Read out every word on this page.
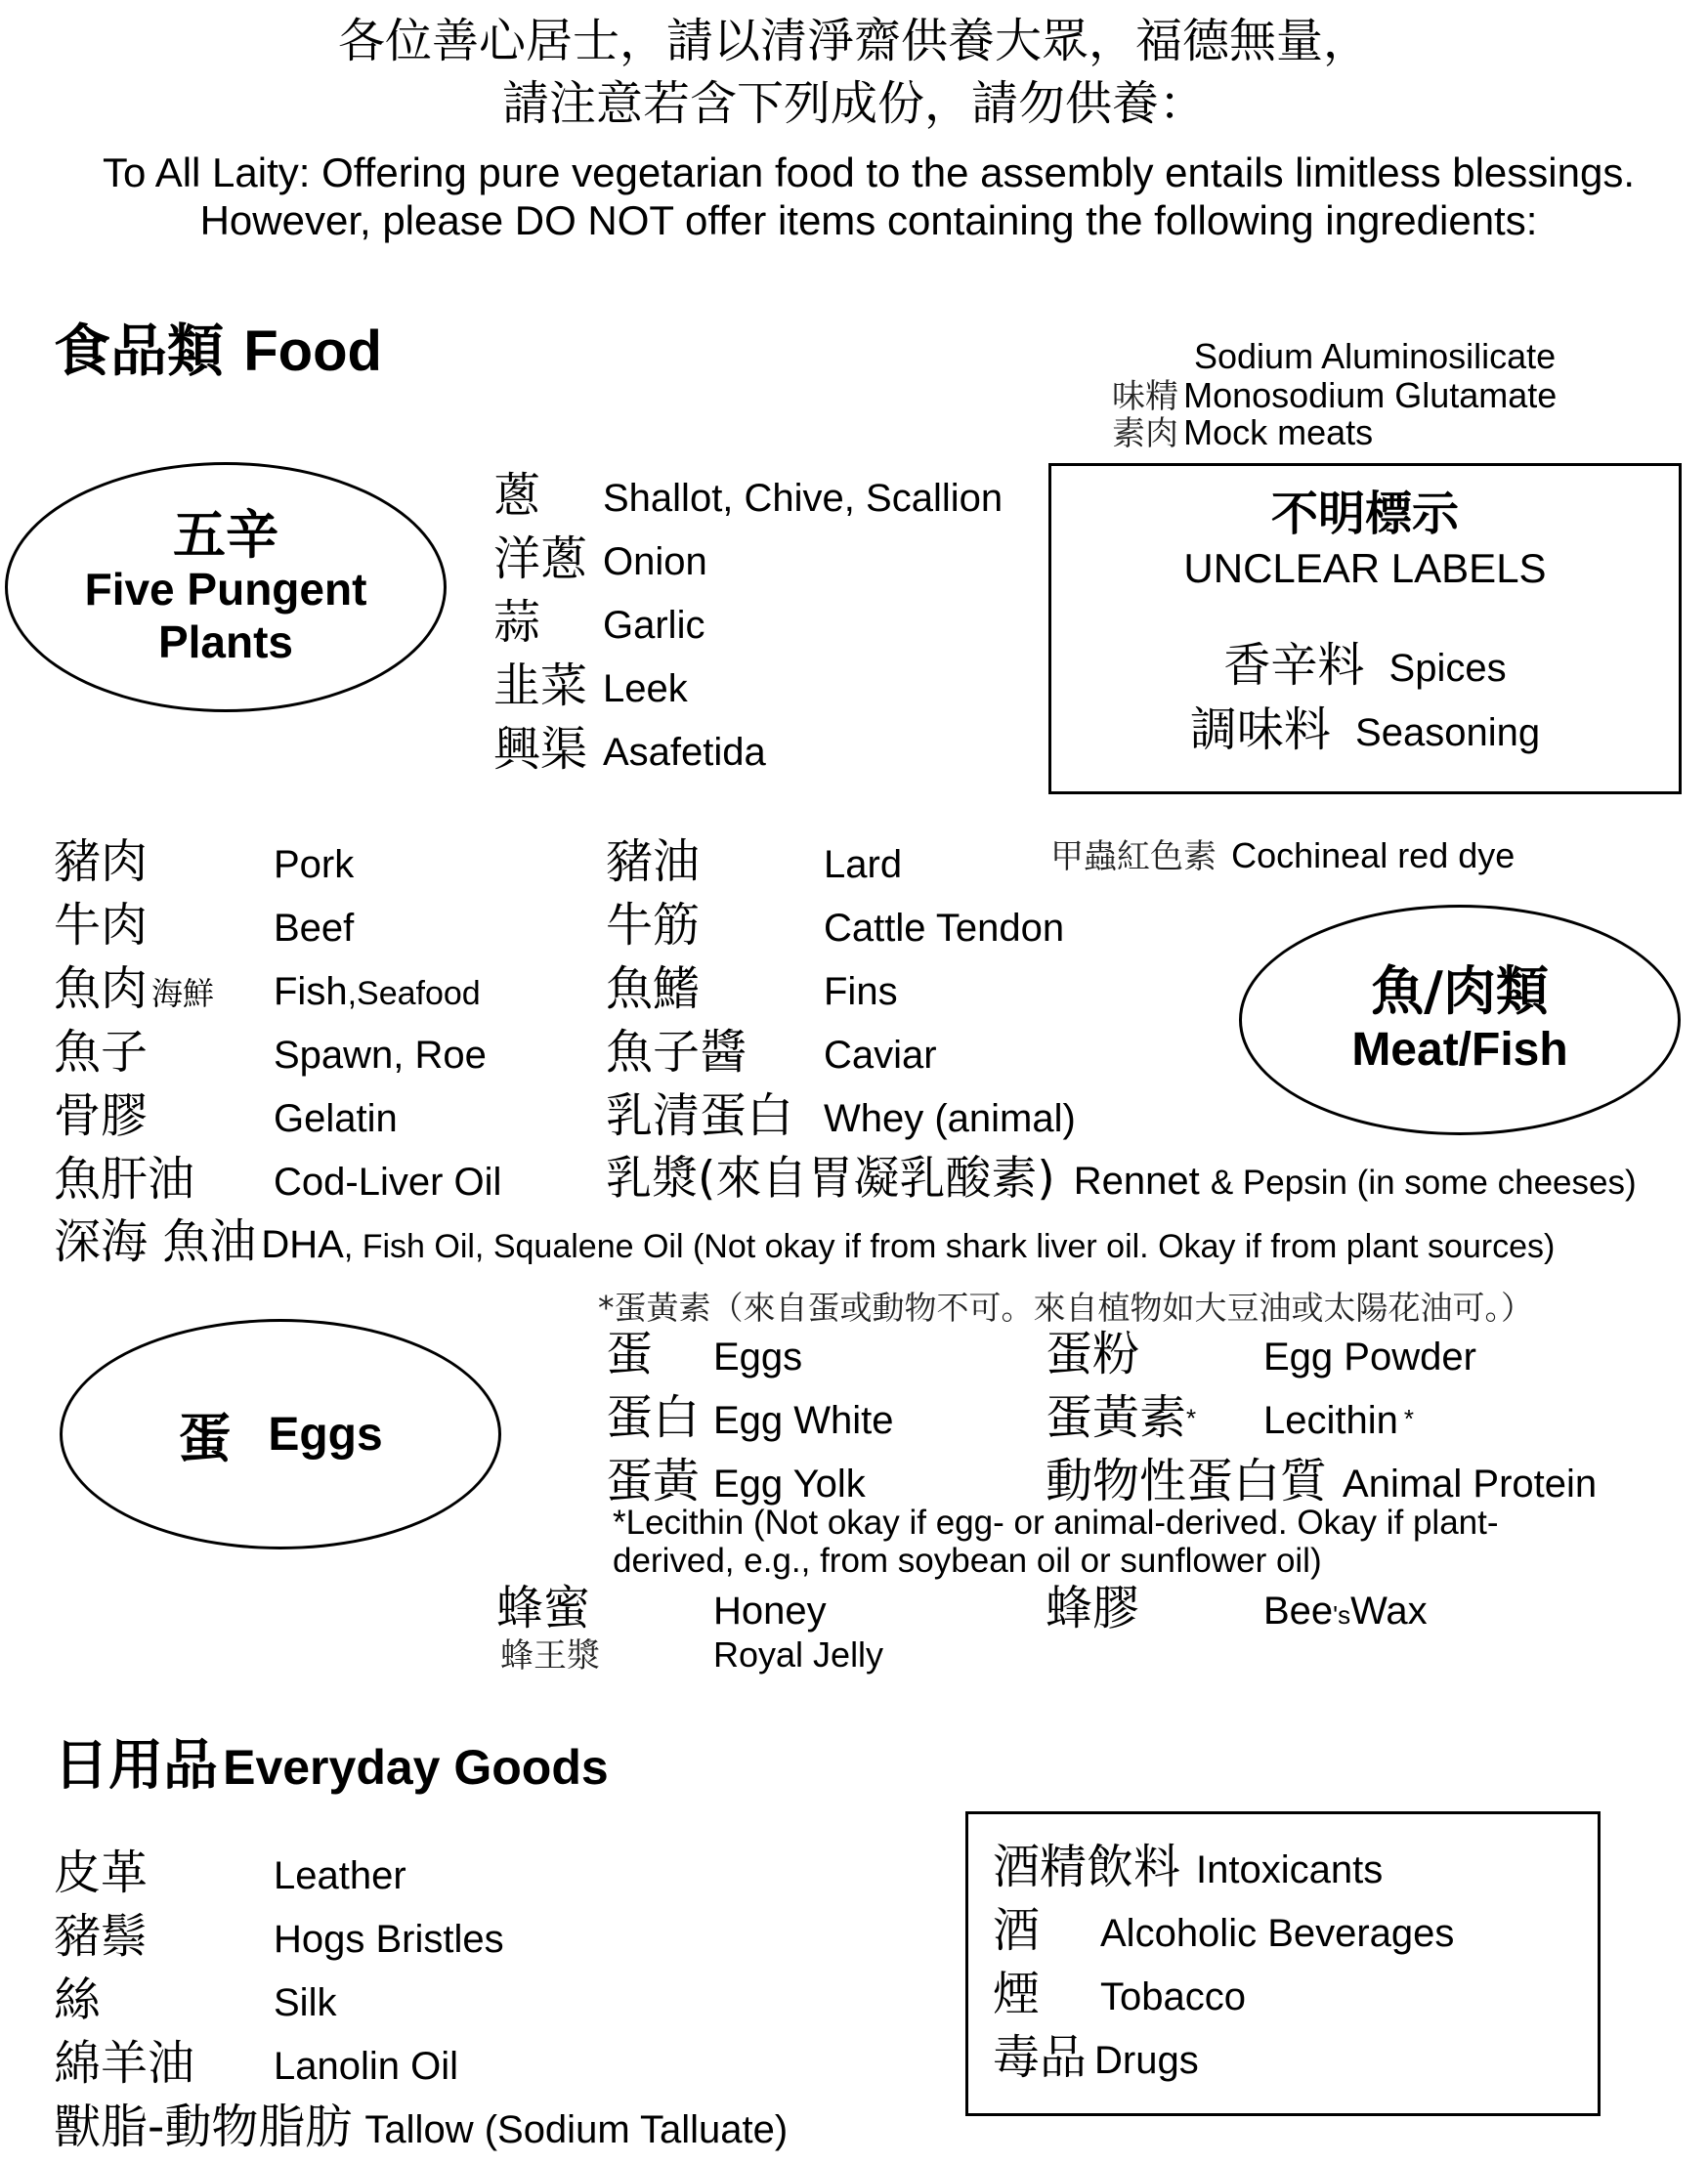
各位善心居士，請以清淨齋供養大眾，福德無量，
請注意若含下列成份，請勿供養：
To All Laity: Offering pure vegetarian food to the assembly entails limitless blessings.
However, please DO NOT offer items containing the following ingredients:
食品類 Food	Sodium Aluminosilicate
味精 Monosodium Glutamate
素肉 Mock meats
五辛
Five Pungent
Plants
蔥 Shallot, Chive, Scallion
洋蔥 Onion
蒜 Garlic
韭菜 Leek
興渠 Asafetida
不明標示
UNCLEAR LABELS
香辛料 Spices
調味料 Seasoning
甲蟲紅色素 Cochineal red dye
魚/肉類
Meat/Fish
豬肉	Pork
牛肉	Beef
魚肉 海鮮 Fish,Seafood
魚子	Spawn, Roe
骨膠	Gelatin
魚肝油 Cod-Liver Oil
豬油	Lard
牛筋	Cattle Tendon
魚鰭	Fins
魚子醬 Caviar
乳清蛋白 Whey (animal)
乳漿(來自胃凝乳酸素) Rennet & Pepsin (in some cheeses)
深海 魚油 DHA, Fish Oil, Squalene Oil (Not okay if from shark liver oil. Okay if from plant sources)
*蛋黃素（來自蛋或動物不可。來自植物如大豆油或太陽花油可。）
蛋 Eggs
蛋 Eggs
蛋白 Egg White
蛋黃 Egg Yolk
蛋粉	Egg Powder
蛋黃素* Lecithin *
動物性蛋白質 Animal Protein
*Lecithin (Not okay if egg- or animal-derived. Okay if plant-
derived, e.g., from soybean oil or sunflower oil)
蜂蜜	Honey
蜂王漿	Royal Jelly
蜂膠	Bee'sWax
日用品 Everyday Goods
皮革	Leather
豬鬃	Hogs Bristles
絲	Silk
綿羊油 Lanolin Oil
獸脂-動物脂肪 Tallow (Sodium Talluate)
酒精飲料 Intoxicants
酒 Alcoholic Beverages
煙 Tobacco
毒品 Drugs
